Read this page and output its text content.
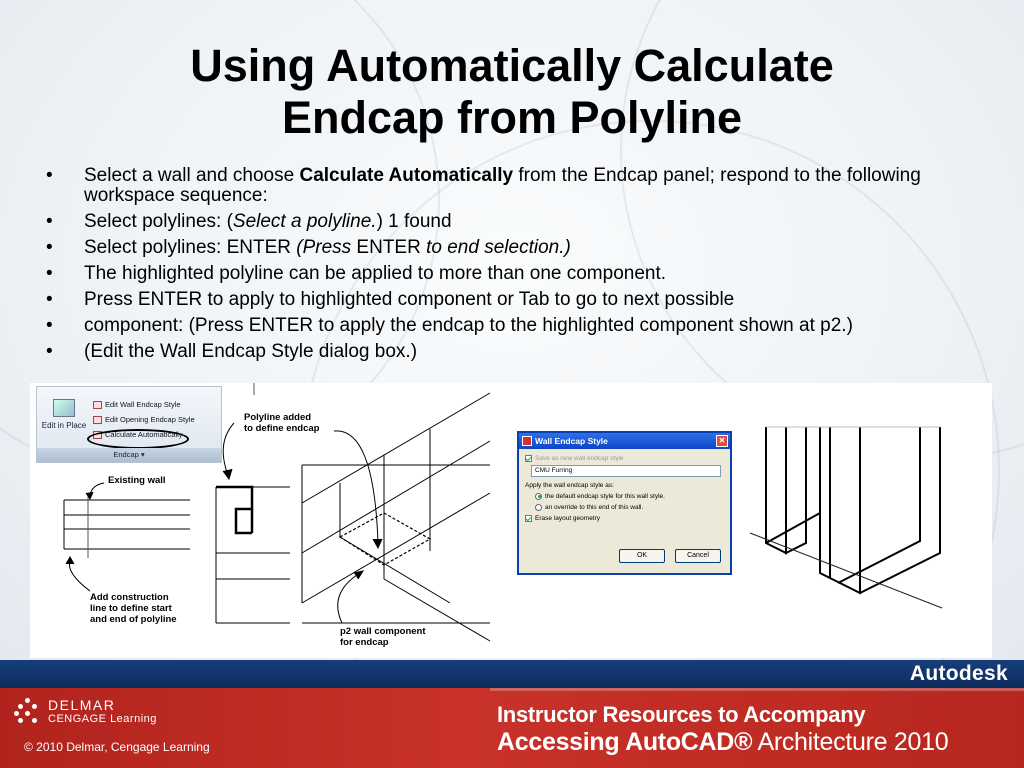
Using Automatically Calculate
Endcap from Polyline
• Select a wall and choose Calculate Automatically from the Endcap panel; respond to the following workspace sequence:
• Select polylines: (Select a polyline.) 1 found
• Select polylines: ENTER (Press ENTER to end selection.)
• The highlighted polyline can be applied to more than one component.
• Press ENTER to apply to highlighted component or Tab to go to next possible
• component: (Press ENTER to apply the endcap to the highlighted component shown at p2.)
• (Edit the Wall Endcap Style dialog box.)
Edit in Place
Edit Wall Endcap Style
Edit Opening Endcap Style
Calculate Automatically
Endcap ▾
Existing wall
Add construction
line to define start
and end of polyline
Polyline added
to define endcap
p2 wall component
for endcap
Wall Endcap Style	✕
Save as new wall endcap style
CMU Furring
Apply the wall endcap style as:
the default endcap style for this wall style.
an override to this end of this wall.
Erase layout geometry
OK	Cancel
Autodesk
DELMAR
CENGAGE Learning
© 2010 Delmar, Cengage Learning
Instructor Resources to Accompany
Accessing AutoCAD® Architecture 2010
